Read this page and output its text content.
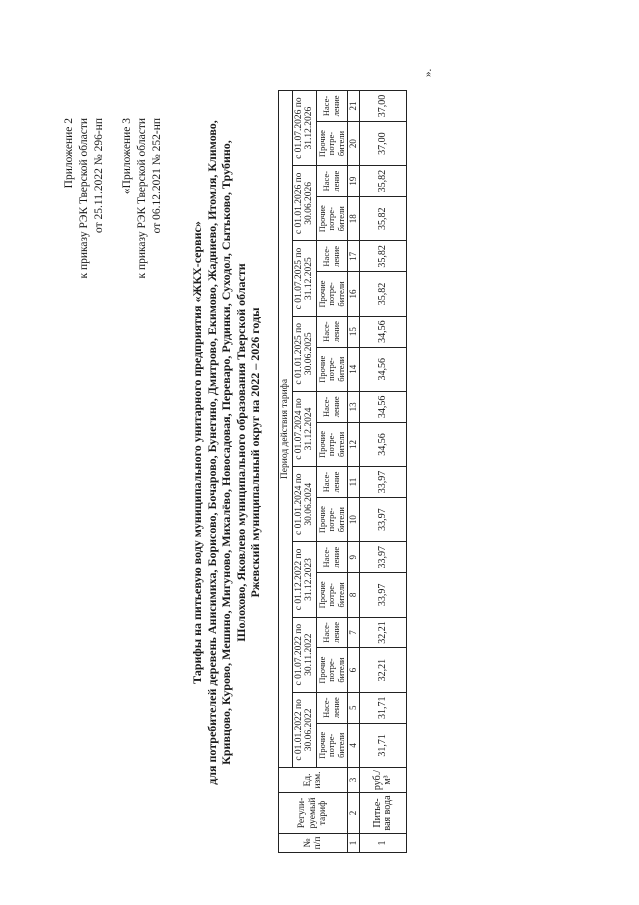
Приложение 2 к приказу РЭК Тверской области от 25.11.2022 № 296-нп «Приложение 3 к приказу РЭК Тверской области от 06.12.2021 № 252-нп
Тарифы на питьевую воду муниципального унитарного предприятия «ЖКХ-сервис» для потребителей деревень Анисимиха, Борисово, Бочарово, Бунегино, Дмитрово, Екимово, Жадниево, Итомля, Климово, Кривцово, Курово, Мешино, Мигуново, Михалёво, Новосадовая, Переваро, Рудинки, Суходол, Сытьково, Трубино, Шолохово, Яковлево муниципального образования Тверской области Ржевский муниципальный округ на 2022 – 2026 годы
№ п/п	Регули-руемый тариф	Ед. изм.	Период действия тарифа																	
			с 01.01.2022 по 30.06.2022		с 01.07.2022 по 30.11.2022		с 01.12.2022 по 31.12.2023		с 01.01.2024 по 30.06.2024		с 01.07.2024 по 31.12.2024		с 01.01.2025 по 30.06.2025		с 01.07.2025 по 31.12.2025		с 01.01.2026 по 30.06.2026		с 01.07.2026 по 31.12.2026	
			Прочие потре-бители	Насе-ление	Прочие потре-бители	Насе-ление	Прочие потре-бители	Насе-ление	Прочие потре-бители	Насе-ление	Прочие потре-бители	Насе-ление	Прочие потре-бители	Насе-ление	Прочие потре-бители	Насе-ление	Прочие потре-бители	Насе-ление	Прочие потре-бители	Насе-ление
1	2	3	4	5	6	7	8	9	10	11	12	13	14	15	16	17	18	19	20	21
1	Питье-вая вода	руб./м³	31,71	31,71	32,21	32,21	33,97	33,97	33,97	33,97	34,56	34,56	34,56	34,56	35,82	35,82	35,82	35,82	37,00	37,00
».
